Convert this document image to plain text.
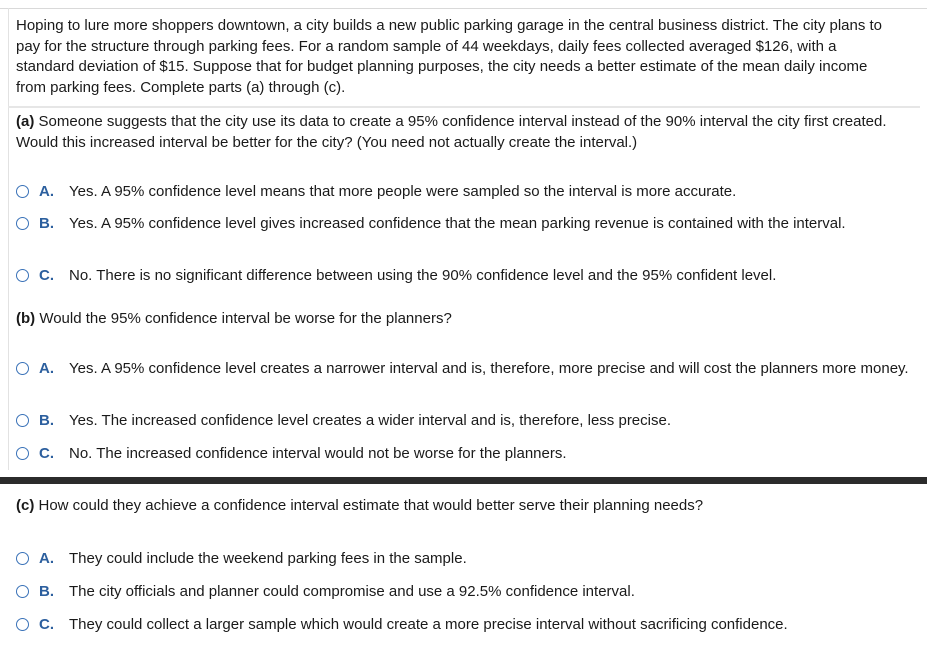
Hoping to lure more shoppers downtown, a city builds a new public parking garage in the central business district. The city plans to pay for the structure through parking fees. For a random sample of 44 weekdays, daily fees collected averaged $126, with a standard deviation of $15. Suppose that for budget planning purposes, the city needs a better estimate of the mean daily income from parking fees. Complete parts (a) through (c).

(a) Someone suggests that the city use its data to create a 95% confidence interval instead of the 90% interval the city first created. Would this increased interval be better for the city? (You need not actually create the interval.)

A.	Yes. A 95% confidence level means that more people were sampled so the interval is more accurate.
B.	Yes. A 95% confidence level gives increased confidence that the mean parking revenue is contained with the interval.
C.	No. There is no significant difference between using the 90% confidence level and the 95% confident level.

(b) Would the 95% confidence interval be worse for the planners?

A.	Yes. A 95% confidence level creates a narrower interval and is, therefore, more precise and will cost the planners more money.
B.	Yes. The increased confidence level creates a wider interval and is, therefore, less precise.
C.	No. The increased confidence interval would not be worse for the planners.

(c) How could they achieve a confidence interval estimate that would better serve their planning needs?

A.	They could include the weekend parking fees in the sample.
B.	The city officials and planner could compromise and use a 92.5% confidence interval.
C.	They could collect a larger sample which would create a more precise interval without sacrificing confidence.
